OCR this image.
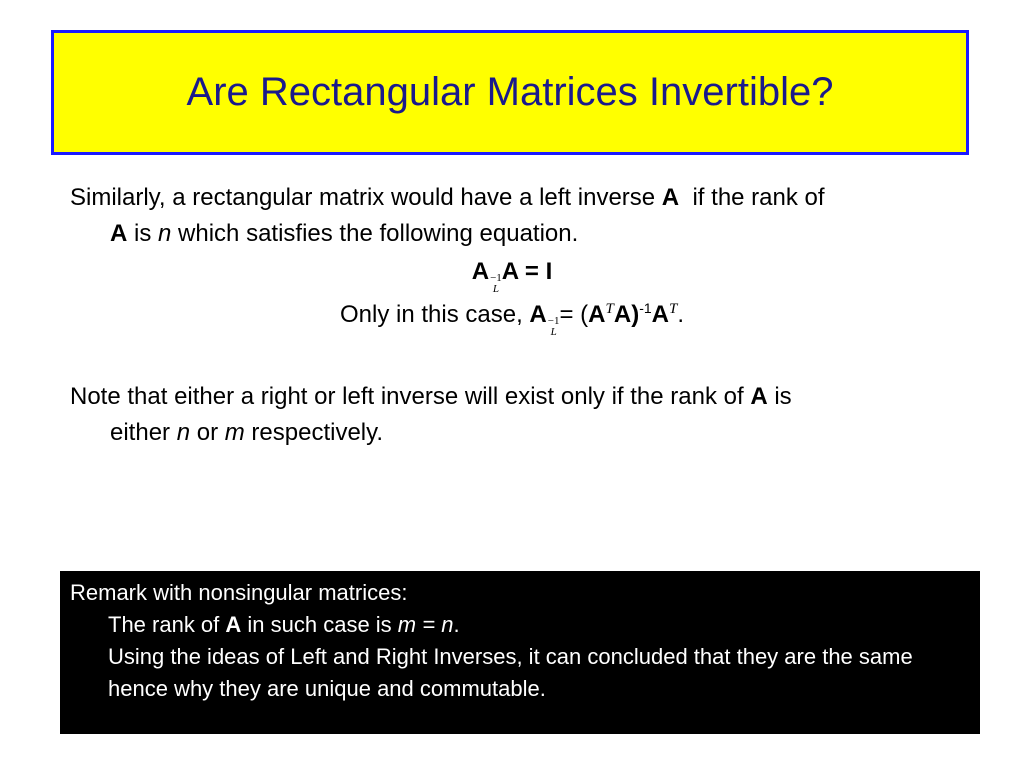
Are Rectangular Matrices Invertible?
Similarly, a rectangular matrix would have a left inverse A  if the rank of
A is n which satisfies the following equation.
A −1
L
A = I
Only in this case, A −1
L
= $(A^TA)^{-1}A^T$.
Note that either a right or left inverse will exist only if the rank of A is
either n or m respectively.
Remark with nonsingular matrices:
The rank of A in such case is m = n.
Using the ideas of Left and Right Inverses, it can concluded that they are the same hence why they are unique and commutable.
